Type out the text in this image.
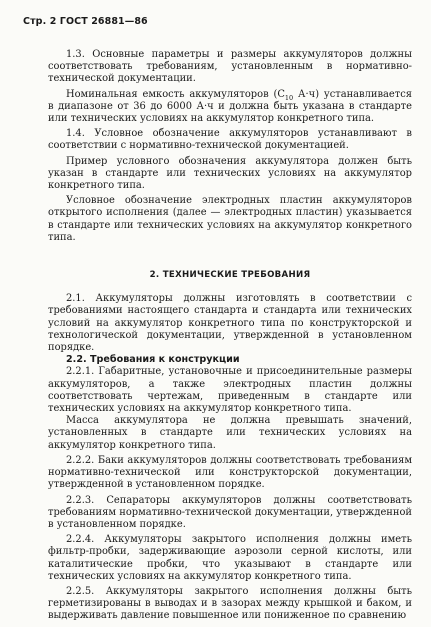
Стр. 2 ГОСТ 26881—86

1.3. Основные параметры и размеры аккумуляторов должны соответствовать требованиям, установленным в нормативно-технической документации.

Номинальная емкость аккумуляторов ($C_{10}$ А·ч) устанавливается в диапазоне от 36 до 6000 А·ч и должна быть указана в стандарте или технических условиях на аккумулятор конкретного типа.

1.4. Условное обозначение аккумуляторов устанавливают в соответствии с нормативно-технической документацией.

Пример условного обозначения аккумулятора должен быть указан в стандарте или технических условиях на аккумулятор конкретного типа.

Условное обозначение электродных пластин аккумуляторов открытого исполнения (далее — электродных пластин) указывается в стандарте или технических условиях на аккумулятор конкретного типа.

2. ТЕХНИЧЕСКИЕ ТРЕБОВАНИЯ

2.1. Аккумуляторы должны изготовлять в соответствии с требованиями настоящего стандарта и стандарта или технических условий на аккумулятор конкретного типа по конструкторской и технологической документации, утвержденной в установленном порядке.

2.2. Требования к конструкции

2.2.1. Габаритные, установочные и присоединительные размеры аккумуляторов, а также электродных пластин должны соответствовать чертежам, приведенным в стандарте или технических условиях на аккумулятор конкретного типа.

Масса аккумулятора не должна превышать значений, установленных в стандарте или технических условиях на аккумулятор конкретного типа.

2.2.2. Баки аккумуляторов должны соответствовать требованиям нормативно-технической или конструкторской документации, утвержденной в установленном порядке.

2.2.3. Сепараторы аккумуляторов должны соответствовать требованиям нормативно-технической документации, утвержденной в установленном порядке.

2.2.4. Аккумуляторы закрытого исполнения должны иметь фильтр-пробки, задерживающие аэрозоли серной кислоты, или каталитические пробки, что указывают в стандарте или технических условиях на аккумулятор конкретного типа.

2.2.5. Аккумуляторы закрытого исполнения должны быть герметизированы в выводах и в зазорах между крышкой и баком, и выдерживать давление повышенное или пониженное по сравнению
